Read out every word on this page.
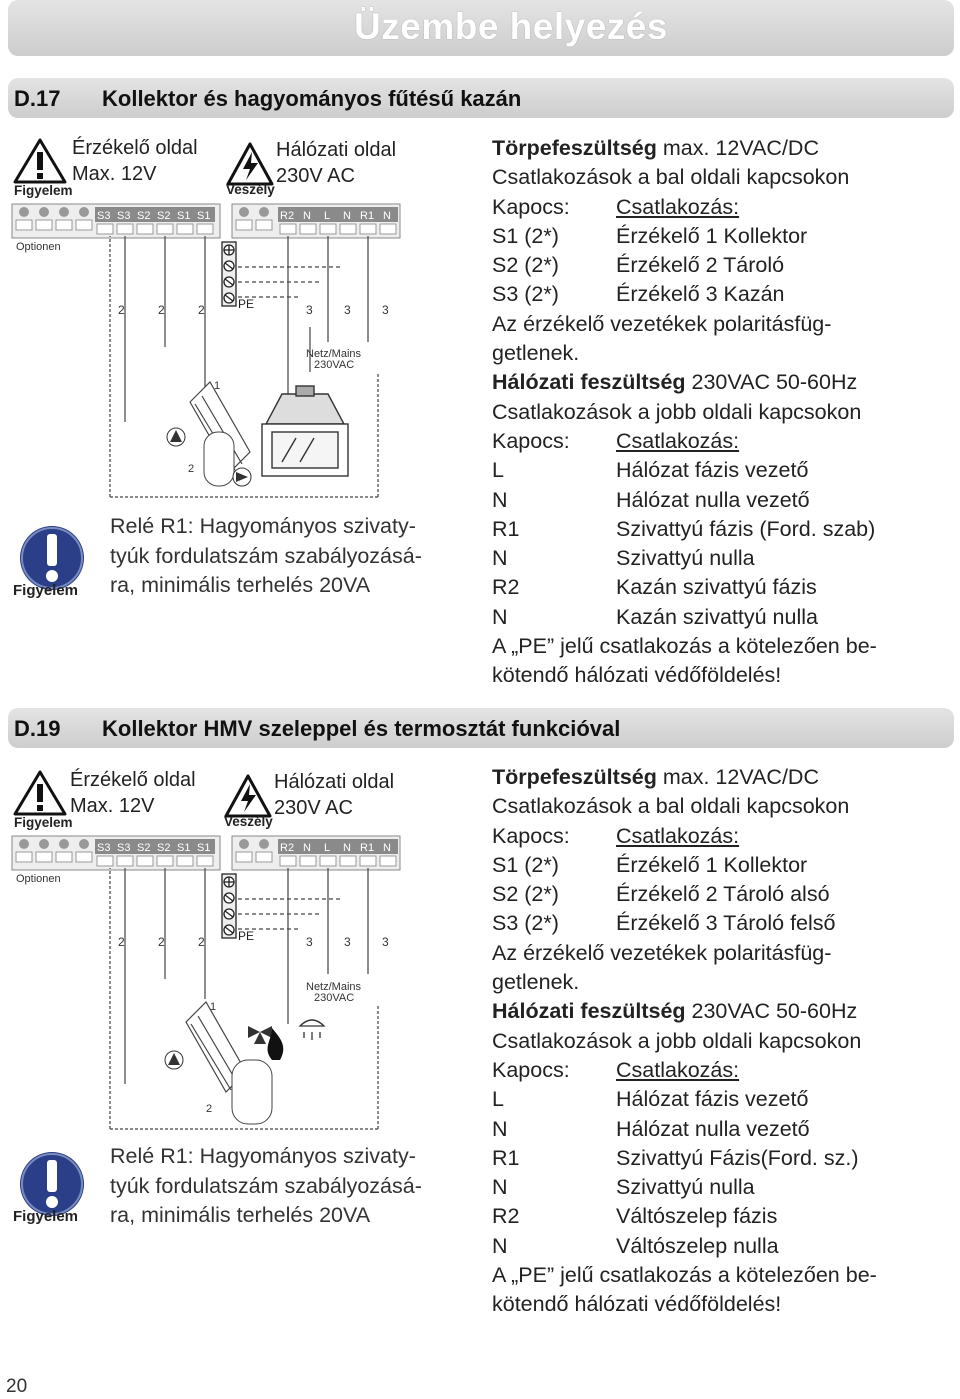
Üzembe helyezés
D.17 Kollektor és hagyományos fűtésű kazán
Figyelem
Érzékelő oldal
Max. 12V
Veszély
Hálózati oldal
230V AC
S3 S3 S2 S2 S1 S1
Optionen
R2 N L N R1 N
PE
2	2	2	3	3	3
Netz/Mains
230VAC
1
2
Figyelem
Relé R1: Hagyományos szivaty-
tyúk fordulatszám szabályozásá-
ra, minimális terhelés 20VA
Törpefeszültség max. 12VAC/DC
Csatlakozások a bal oldali kapcsokon
Kapocs: Csatlakozás:
S1 (2*)	Érzékelő 1 Kollektor
S2 (2*)	Érzékelő 2 Tároló
S3 (2*)	Érzékelő 3 Kazán
Az érzékelő vezetékek polaritásfüg-
getlenek.
Hálózati feszültség 230VAC 50-60Hz
Csatlakozások a jobb oldali kapcsokon
Kapocs: Csatlakozás:
L	Hálózat fázis vezető
N	Hálózat nulla vezető
R1	Szivattyú fázis (Ford. szab)
N	Szivattyú nulla
R2	Kazán szivattyú fázis
N	Kazán szivattyú nulla
A „PE” jelű csatlakozás a kötelezően be-
kötendő hálózati védőföldelés!
D.19 Kollektor HMV szeleppel és termosztát funkcióval
Figyelem
Érzékelő oldal
Max. 12V
Veszély
Hálózati oldal
230V AC
S3 S3 S2 S2 S1 S1
Optionen
R2 N L N R1 N
PE
2	2	2	3	3	3
Netz/Mains
230VAC
1
2
Figyelem
Relé R1: Hagyományos szivaty-
tyúk fordulatszám szabályozásá-
ra, minimális terhelés 20VA
Törpefeszültség max. 12VAC/DC
Csatlakozások a bal oldali kapcsokon
Kapocs: Csatlakozás:
S1 (2*)	Érzékelő 1 Kollektor
S2 (2*)	Érzékelő 2 Tároló alsó
S3 (2*)	Érzékelő 3 Tároló felső
Az érzékelő vezetékek polaritásfüg-
getlenek.
Hálózati feszültség 230VAC 50-60Hz
Csatlakozások a jobb oldali kapcsokon
Kapocs: Csatlakozás:
L	Hálózat fázis vezető
N	Hálózat nulla vezető
R1	Szivattyú Fázis(Ford. sz.)
N	Szivattyú nulla
R2	Váltószelep fázis
N	Váltószelep nulla
A „PE” jelű csatlakozás a kötelezően be-
kötendő hálózati védőföldelés!
20
